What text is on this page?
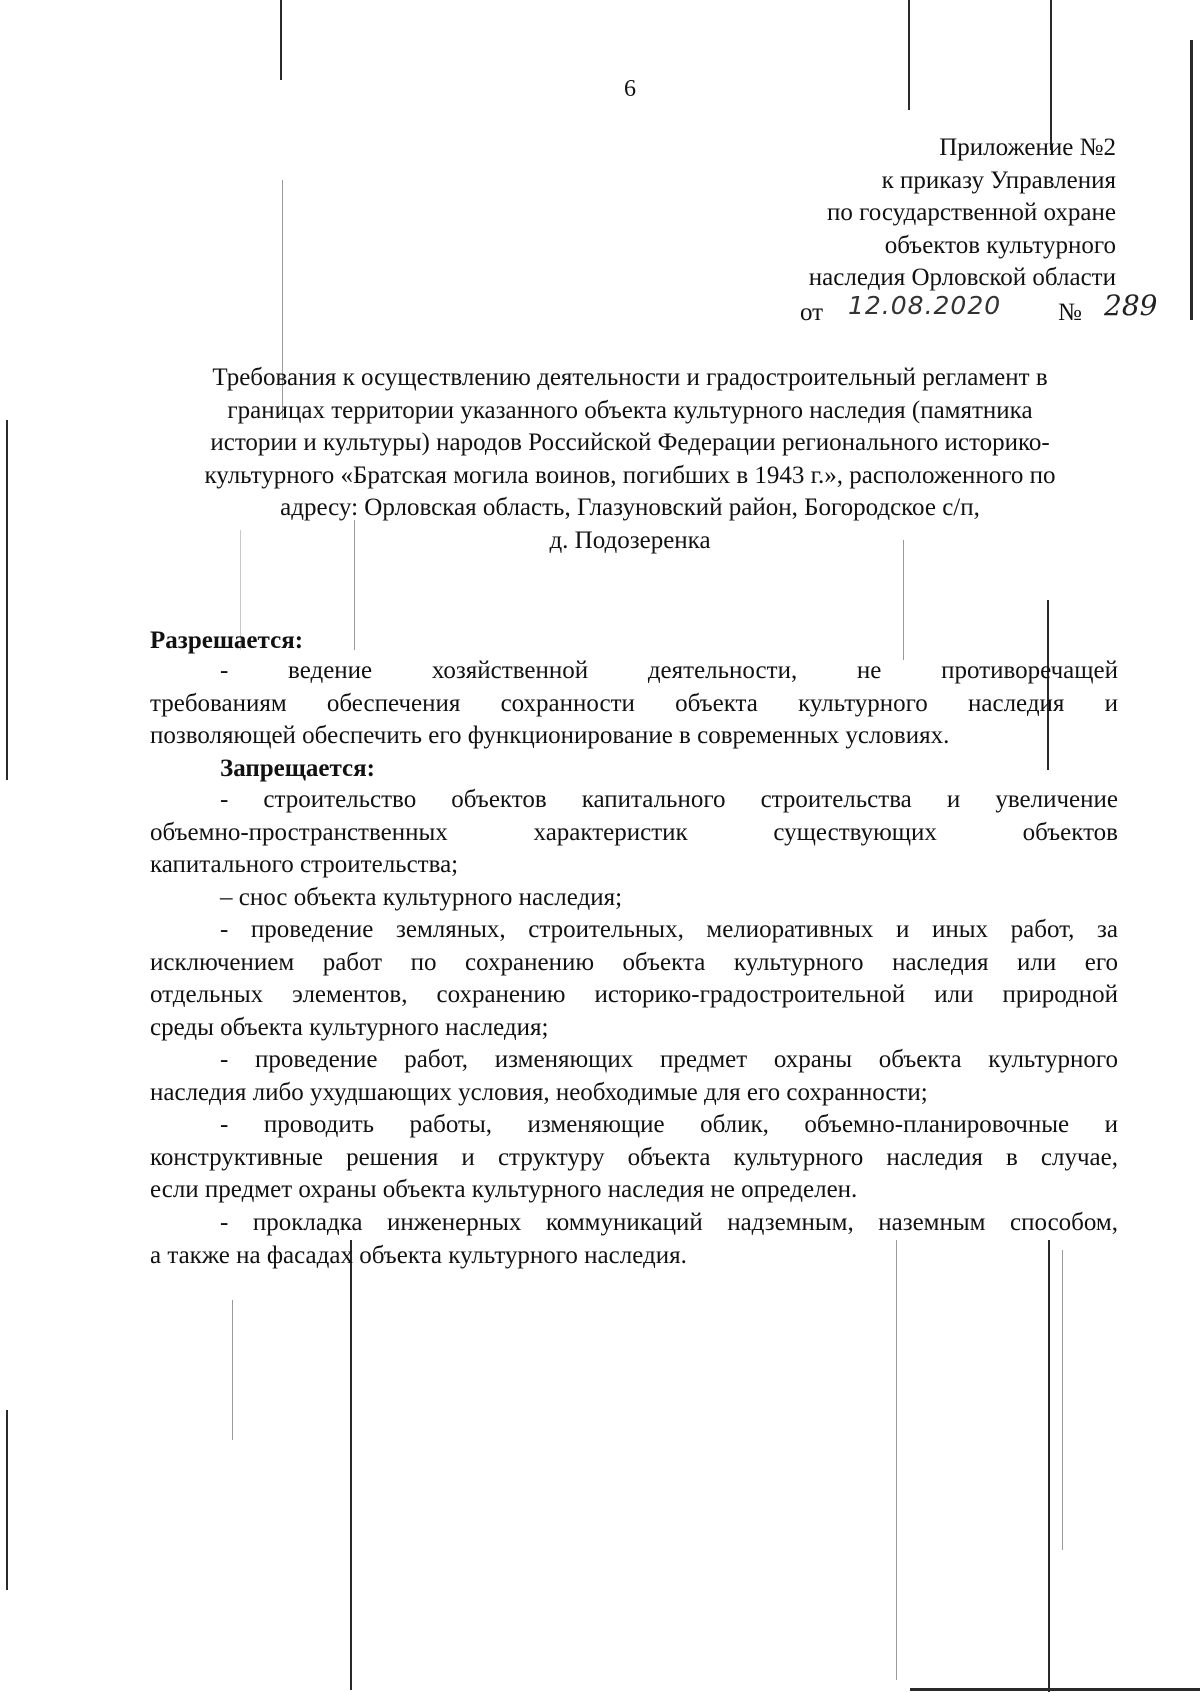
6
Приложение №2
к приказу Управления
по государственной охране
объектов культурного
наследия Орловской области
от 12.08.2020 № 289
Требования к осуществлению деятельности и градостроительный регламент в
границах территории указанного объекта культурного наследия (памятника
истории и культуры) народов Российской Федерации регионального историко-
культурного «Братская могила воинов, погибших в 1943 г.», расположенного по
адресу: Орловская область, Глазуновский район, Богородское с/п,
д. Подозеренка
Разрешается:
- ведение хозяйственной деятельности, не противоречащей
требованиям обеспечения сохранности объекта культурного наследия и
позволяющей обеспечить его функционирование в современных условиях.
Запрещается:
- строительство объектов капитального строительства и увеличение
объемно-пространственных характеристик существующих объектов
капитального строительства;
– снос объекта культурного наследия;
- проведение земляных, строительных, мелиоративных и иных работ, за
исключением работ по сохранению объекта культурного наследия или его
отдельных элементов, сохранению историко-градостроительной или природной
среды объекта культурного наследия;
- проведение работ, изменяющих предмет охраны объекта культурного
наследия либо ухудшающих условия, необходимые для его сохранности;
- проводить работы, изменяющие облик, объемно-планировочные и
конструктивные решения и структуру объекта культурного наследия в случае,
если предмет охраны объекта культурного наследия не определен.
- прокладка инженерных коммуникаций надземным, наземным способом,
а также на фасадах объекта культурного наследия.
